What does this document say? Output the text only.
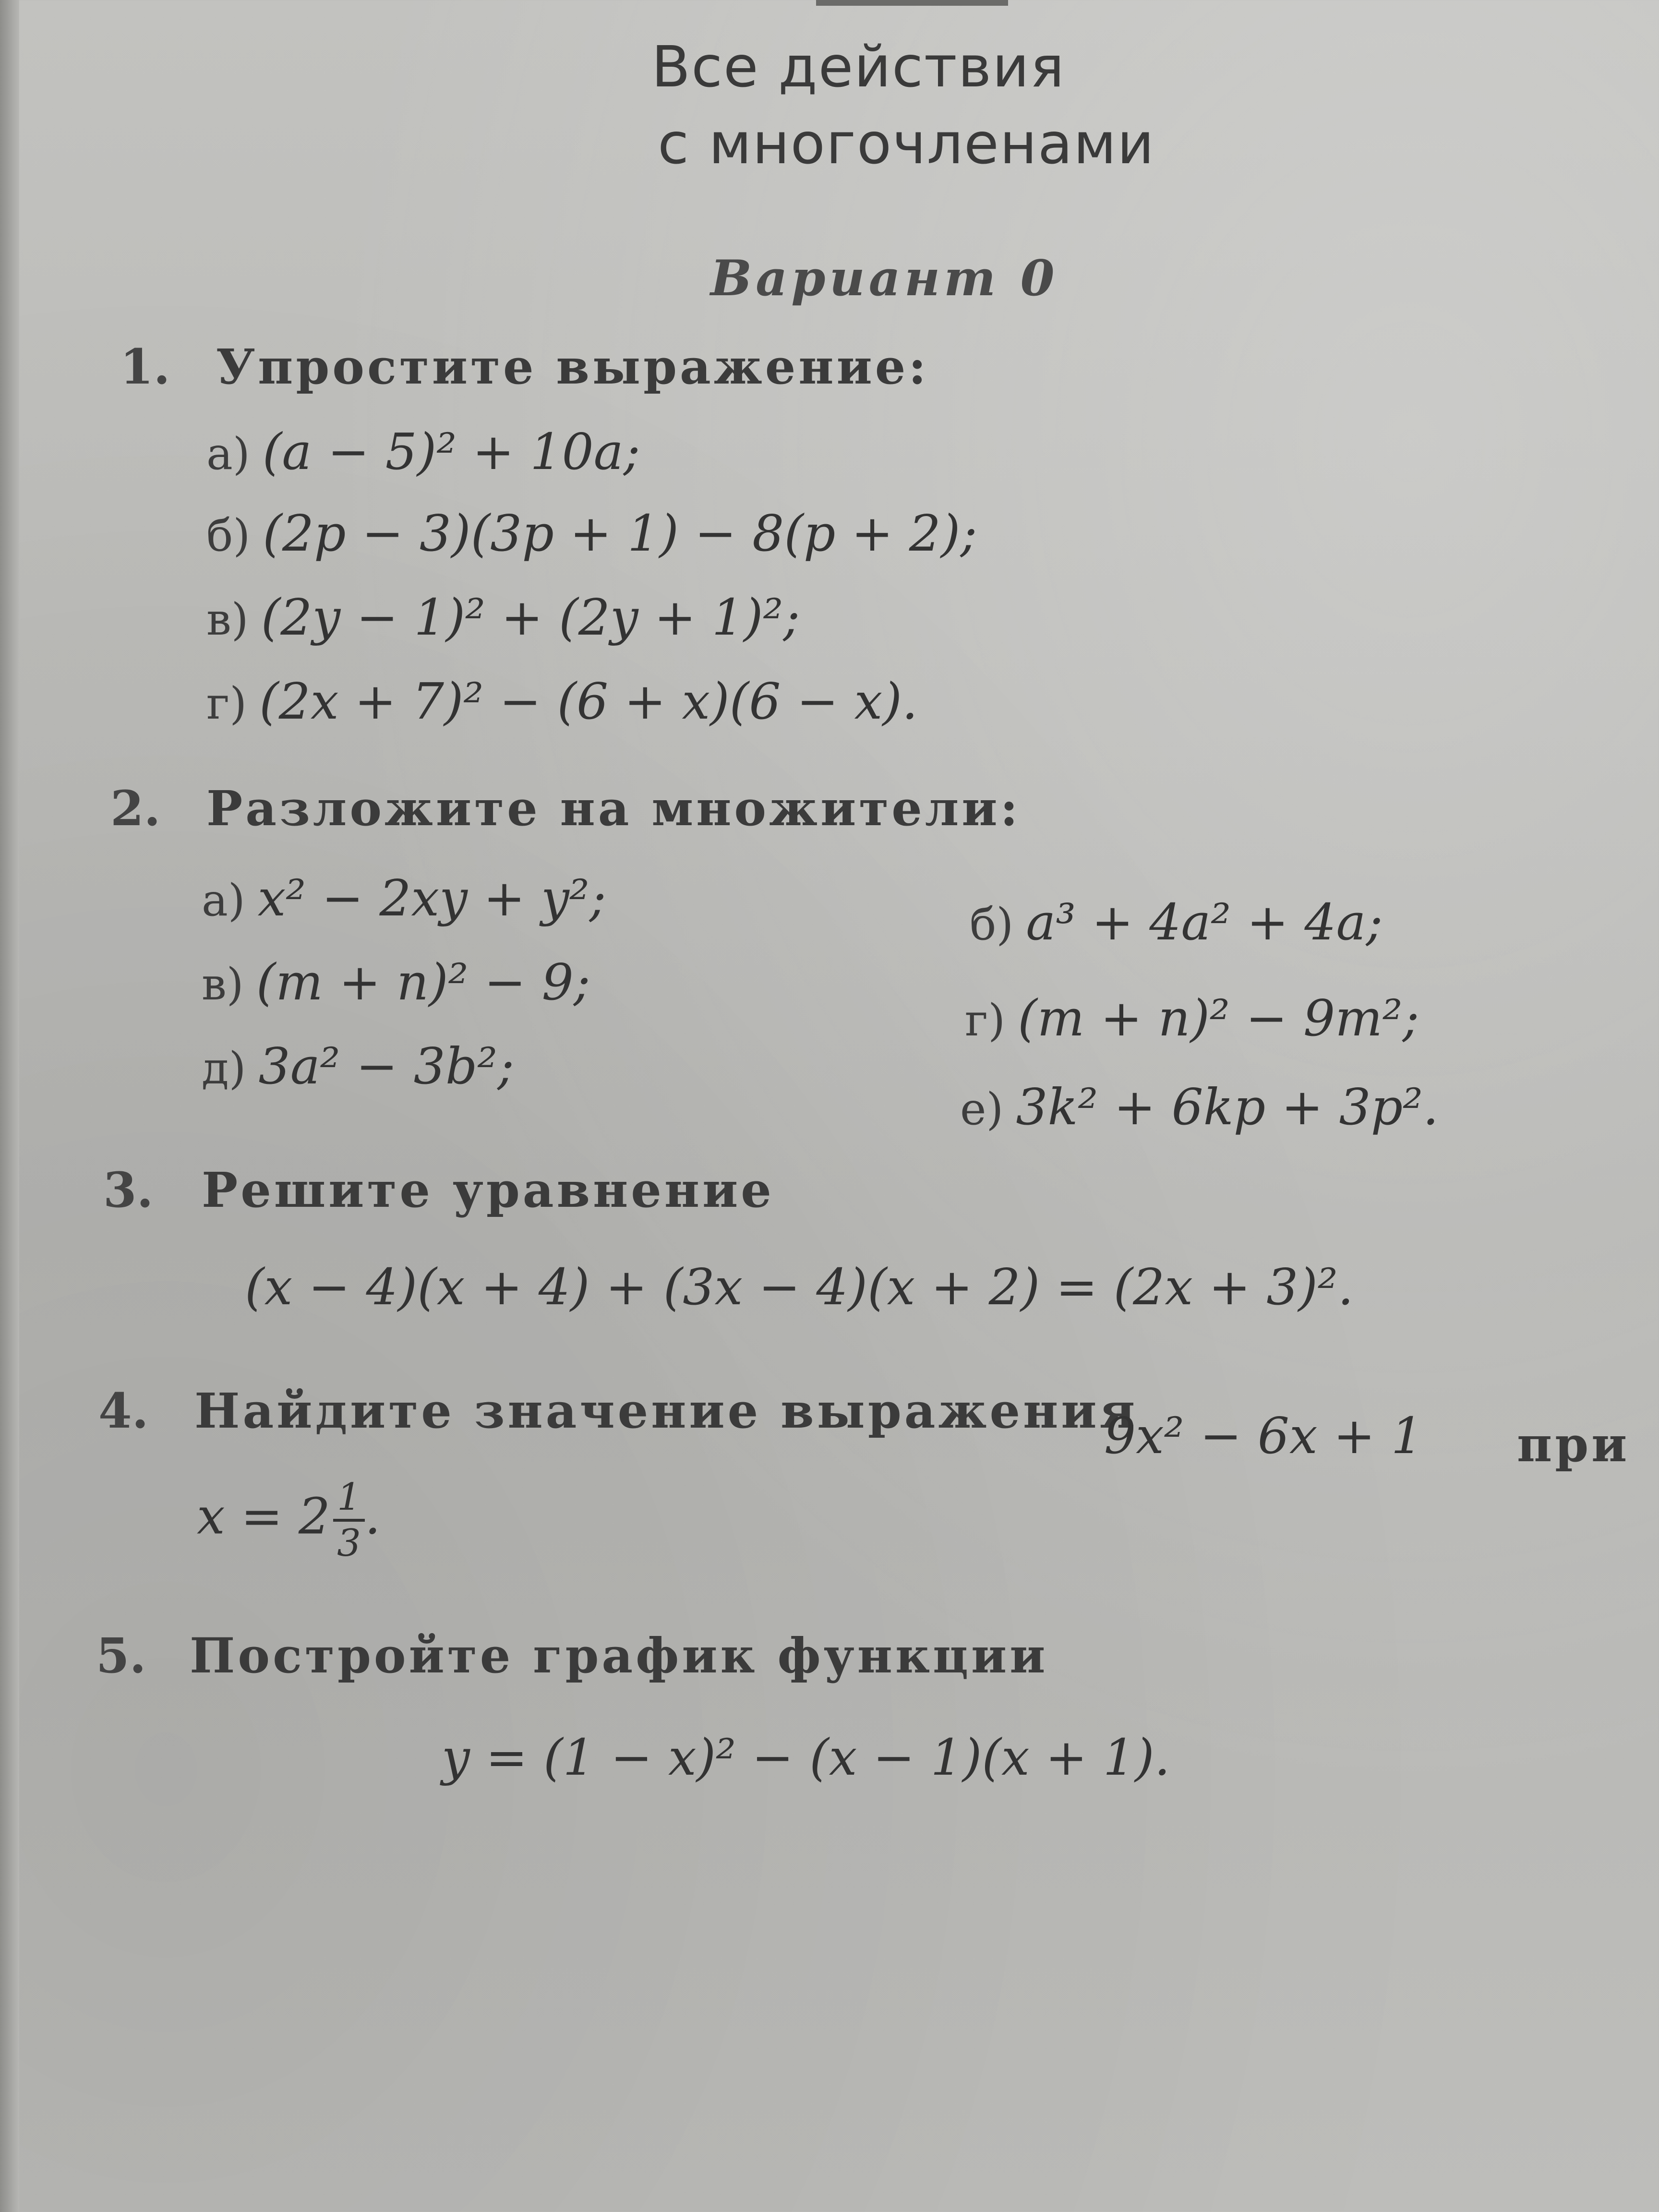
Все действия
с многочленами
Вариант 0
1. Упростите выражение:
а) (a − 5)² + 10a;
б) (2p − 3)(3p + 1) − 8(p + 2);
в) (2y − 1)² + (2y + 1)²;
г) (2x + 7)² − (6 + x)(6 − x).
2. Разложите на множители:
а) x² − 2xy + y²;	б) a³ + 4a² + 4a;
в) (m + n)² − 9;
г) (m + n)² − 9m²;
д) 3a² − 3b²;
е) 3k² + 6kp + 3p².
3. Решите уравнение
(x − 4)(x + 4) + (3x − 4)(x + 2) = (2x + 3)².
4. Найдите значение выражения
9x² − 6x + 1 при
$x = 2 \frac{1}{3}$ .
5. Постройте график функции
y = (1 − x)² − (x − 1)(x + 1).
